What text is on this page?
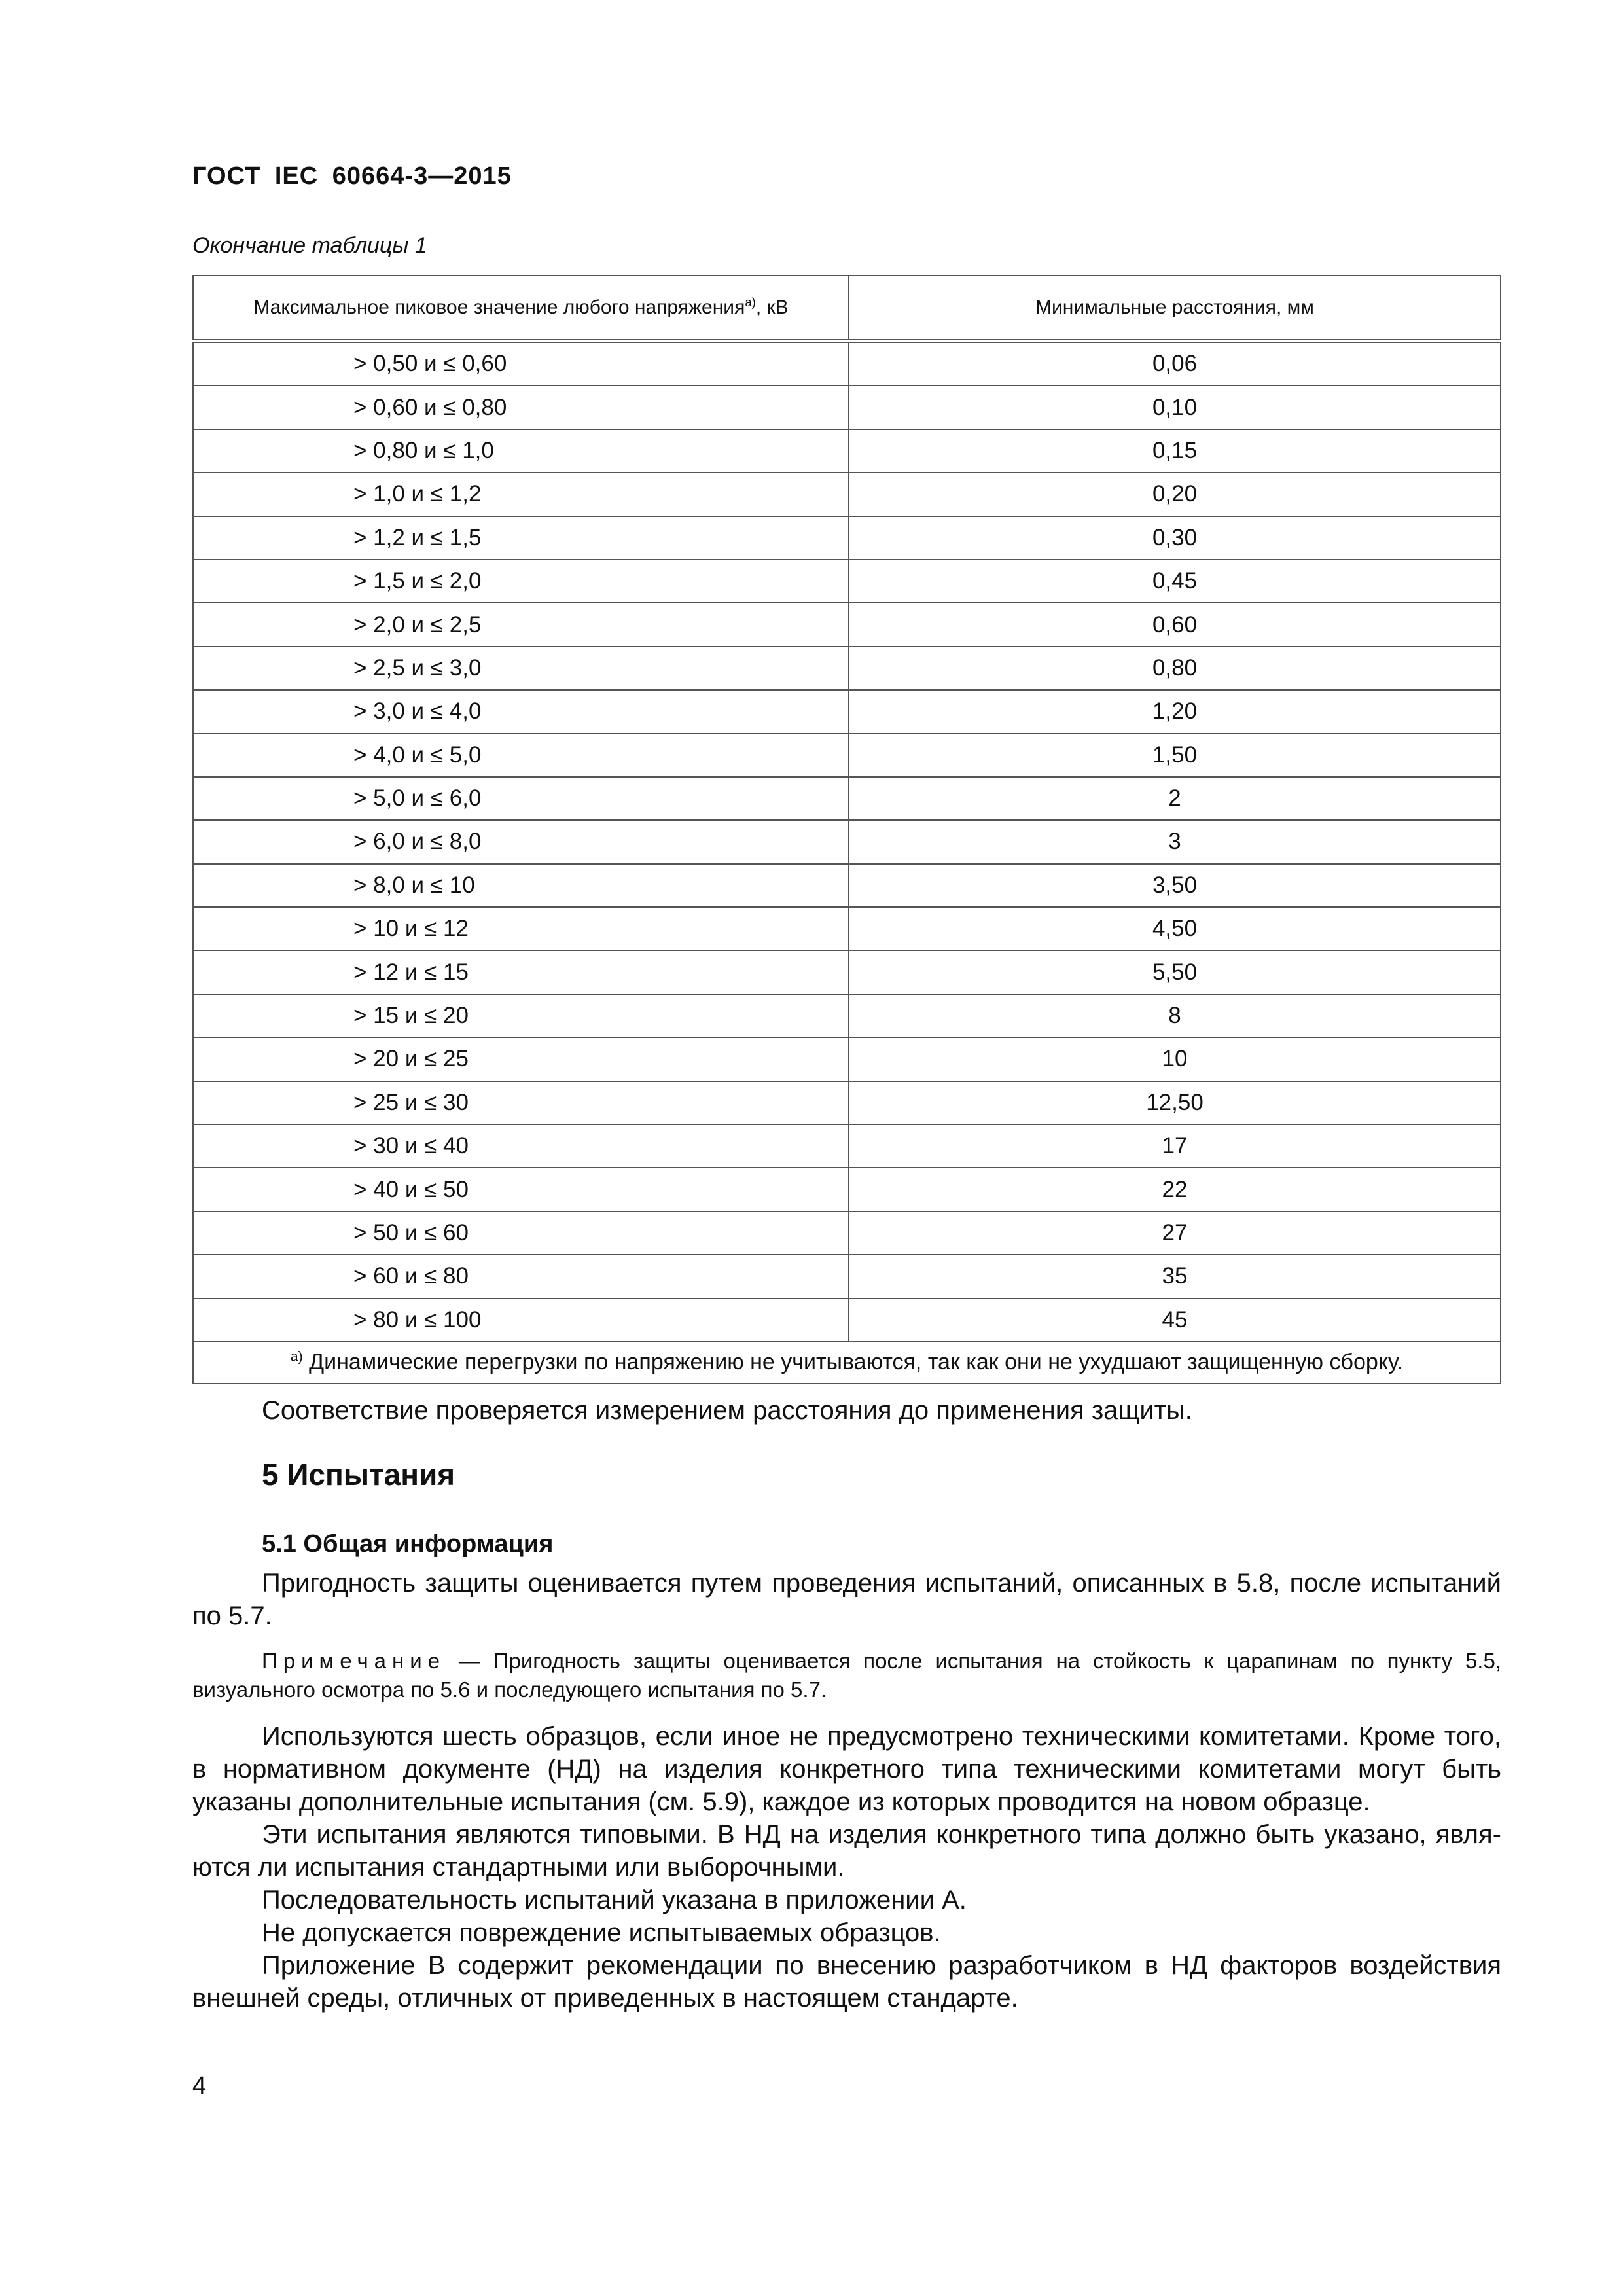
ГОСТ IEC 60664-3—2015
Окончание таблицы 1
Максимальное пиковое значение любого напряжения$^{a)}$, кВ	Минимальные расстояния, мм
> 0,50 и ≤ 0,60	0,06
> 0,60 и ≤ 0,80	0,10
> 0,80 и ≤ 1,0	0,15
> 1,0 и ≤ 1,2	0,20
> 1,2 и ≤ 1,5	0,30
> 1,5 и ≤ 2,0	0,45
> 2,0 и ≤ 2,5	0,60
> 2,5 и ≤ 3,0	0,80
> 3,0 и ≤ 4,0	1,20
> 4,0 и ≤ 5,0	1,50
> 5,0 и ≤ 6,0	2
> 6,0 и ≤ 8,0	3
> 8,0 и ≤ 10	3,50
> 10 и ≤ 12	4,50
> 12 и ≤ 15	5,50
> 15 и ≤ 20	8
> 20 и ≤ 25	10
> 25 и ≤ 30	12,50
> 30 и ≤ 40	17
> 40 и ≤ 50	22
> 50 и ≤ 60	27
> 60 и ≤ 80	35
> 80 и ≤ 100	45
$^{a)}$ Динамические перегрузки по напряжению не учитываются, так как они не ухудшают защищенную сборку.	

Соответствие проверяется измерением расстояния до применения защиты.

5 Испытания
5.1 Общая информация

Пригодность защиты оценивается путем проведения испытаний, описанных в 5.8, после испытаний по 5.7.

Примечание — Пригодность защиты оценивается после испытания на стойкость к царапинам по пункту 5.5, визуального осмотра по 5.6 и последующего испытания по 5.7.

Используются шесть образцов, если иное не предусмотрено техническими комитетами. Кроме того, в нормативном документе (НД) на изделия конкретного типа техническими комитетами могут быть указаны дополнительные испытания (см. 5.9), каждое из которых проводится на новом образце.

Эти испытания являются типовыми. В НД на изделия конкретного типа должно быть указано, являются ли испытания стандартными или выборочными.

Последовательность испытаний указана в приложении А.

Не допускается повреждение испытываемых образцов.

Приложение В содержит рекомендации по внесению разработчиком в НД факторов воздействия внешней среды, отличных от приведенных в настоящем стандарте.

4
